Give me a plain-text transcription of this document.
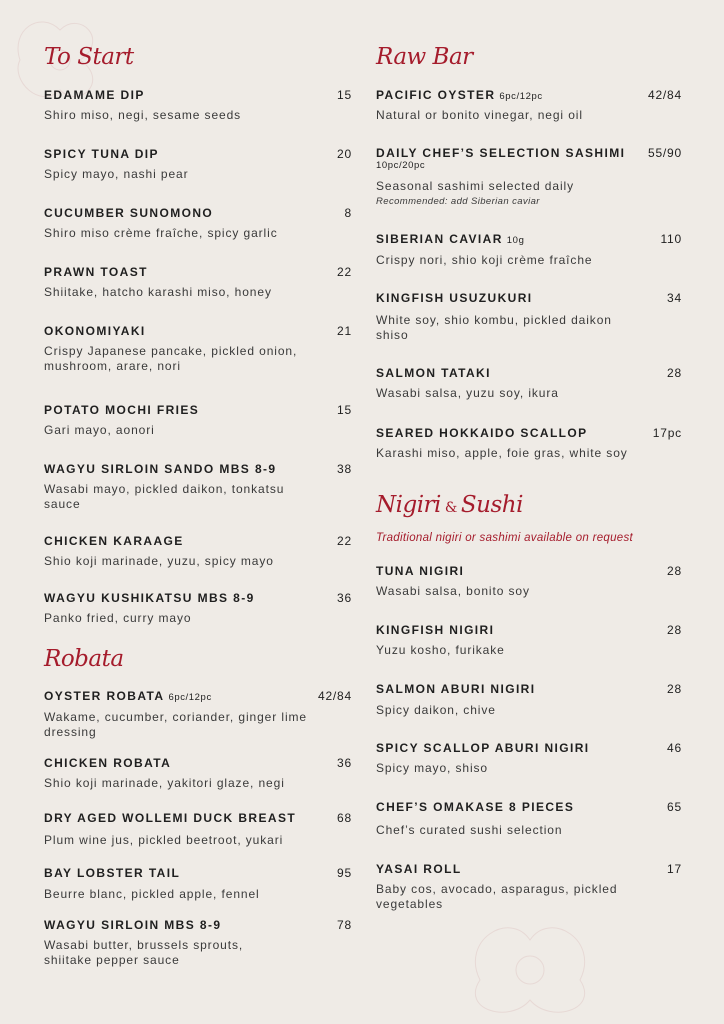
To Start
EDAMAME DIP	15
Shiro miso, negi, sesame seeds
SPICY TUNA DIP	20
Spicy mayo, nashi pear
CUCUMBER SUNOMONO	8
Shiro miso crème fraîche, spicy garlic
PRAWN TOAST	22
Shiitake, hatcho karashi miso, honey
OKONOMIYAKI	21
Crispy Japanese pancake, pickled onion, mushroom, arare, nori
POTATO MOCHI FRIES	15
Gari mayo, aonori
WAGYU SIRLOIN SANDO MBS 8-9	38
Wasabi mayo, pickled daikon, tonkatsu sauce
CHICKEN KARAAGE	22
Shio koji marinade, yuzu, spicy mayo
WAGYU KUSHIKATSU MBS 8-9	36
Panko fried, curry mayo
Robata
OYSTER ROBATA 6pc/12pc	42/84
Wakame, cucumber, coriander, ginger lime dressing
CHICKEN ROBATA	36
Shio koji marinade, yakitori glaze, negi
DRY AGED WOLLEMI DUCK BREAST	68
Plum wine jus, pickled beetroot, yukari
BAY LOBSTER TAIL	95
Beurre blanc, pickled apple, fennel
WAGYU SIRLOIN MBS 8-9	78
Wasabi butter, brussels sprouts, shiitake pepper sauce
Raw Bar
PACIFIC OYSTER 6pc/12pc	42/84
Natural or bonito vinegar, negi oil
DAILY CHEF’S SELECTION SASHIMI 55/90
10pc/20pc
Seasonal sashimi selected daily
Recommended: add Siberian caviar
SIBERIAN CAVIAR 10g	110
Crispy nori, shio koji crème fraîche
KINGFISH USUZUKURI	34
White soy, shio kombu, pickled daikon shiso
SALMON TATAKI	28
Wasabi salsa, yuzu soy, ikura
SEARED HOKKAIDO SCALLOP	17pc
Karashi miso, apple, foie gras, white soy
Nigiri & Sushi
Traditional nigiri or sashimi available on request
TUNA NIGIRI	28
Wasabi salsa, bonito soy
KINGFISH NIGIRI	28
Yuzu kosho, furikake
SALMON ABURI NIGIRI	28
Spicy daikon, chive
SPICY SCALLOP ABURI NIGIRI	46
Spicy mayo, shiso
CHEF’S OMAKASE 8 PIECES	65
Chef’s curated sushi selection
YASAI ROLL	17
Baby cos, avocado, asparagus, pickled vegetables
